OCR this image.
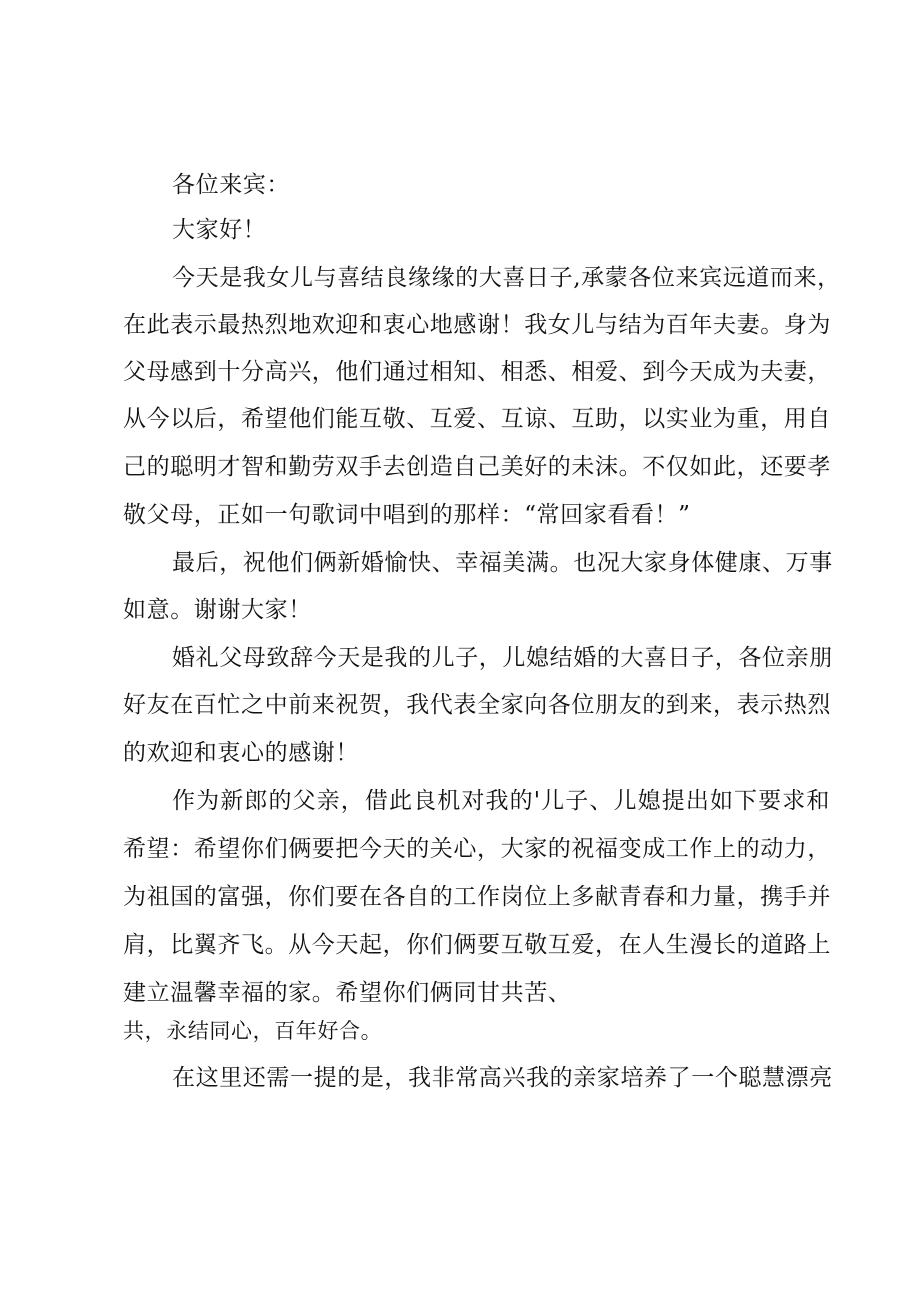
各位来宾：
大家好！
今天是我女儿与喜结良缘缘的大喜日子,承蒙各位来宾远道而来，
在此表示最热烈地欢迎和衷心地感谢！我女儿与结为百年夫妻。身为
父母感到十分高兴，他们通过相知、相悉、相爱、到今天成为夫妻，
从今以后，希望他们能互敬、互爱、互谅、互助，以实业为重，用自
己的聪明才智和勤劳双手去创造自己美好的未沫。不仅如此，还要孝
敬父母，正如一句歌词中唱到的那样：“常回家看看！”
最后，祝他们俩新婚愉快、幸福美满。也况大家身体健康、万事
如意。谢谢大家！
婚礼父母致辞今天是我的儿子，儿媳结婚的大喜日子，各位亲朋
好友在百忙之中前来祝贺，我代表全家向各位朋友的到来，表示热烈
的欢迎和衷心的感谢！
作为新郎的父亲，借此良机对我的'儿子、儿媳提出如下要求和
希望：希望你们俩要把今天的关心，大家的祝福变成工作上的动力，
为祖国的富强，你们要在各自的工作岗位上多献青春和力量，携手并
肩，比翼齐飞。从今天起，你们俩要互敬互爱，在人生漫长的道路上
建立温馨幸福的家。希望你们俩同甘共苦、
共，永结同心，百年好合。
在这里还需一提的是，我非常高兴我的亲家培养了一个聪慧漂亮
